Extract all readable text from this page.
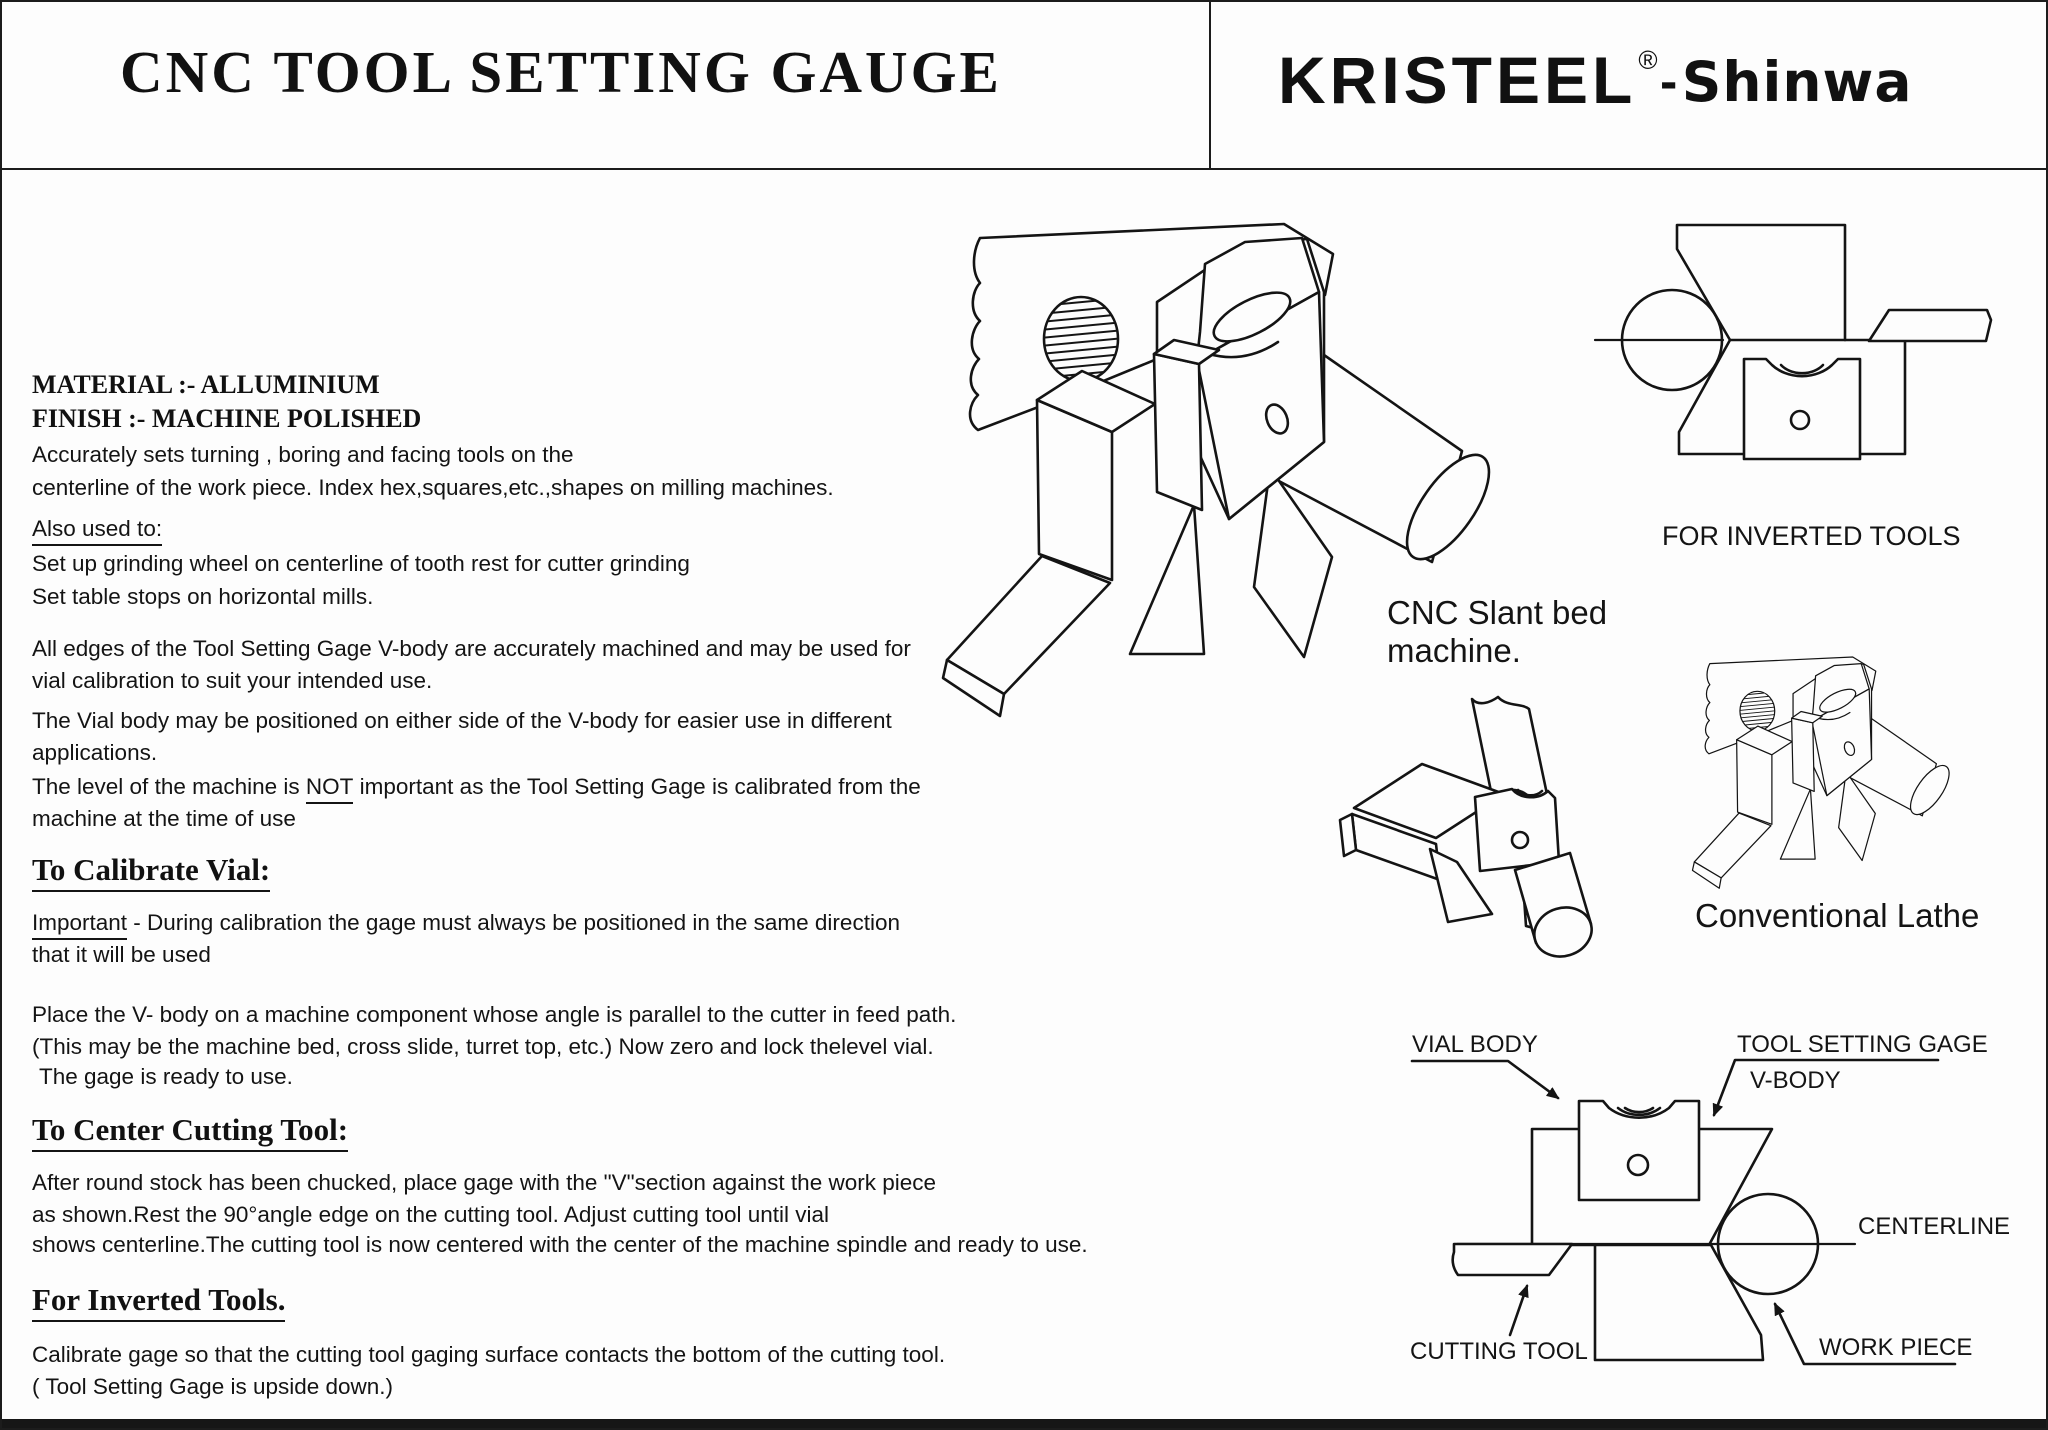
CNC TOOL SETTING GAUGE	KRISTEEL® - Shinwa
MATERIAL :- ALLUMINIUM
FINISH :- MACHINE POLISHED
Accurately sets turning , boring and facing tools on the
centerline of the work piece. Index hex,squares,etc.,shapes on milling machines.
Also used to:
Set up grinding wheel on centerline of tooth rest for cutter grinding
Set table stops on horizontal mills.
All edges of the Tool Setting Gage V-body are accurately machined and may be used for
vial calibration to suit your intended use.
The Vial body may be positioned on either side of the V-body for easier use in different
applications.
The level of the machine is NOT important as the Tool Setting Gage is calibrated from the
machine at the time of use
To Calibrate Vial:
Important - During calibration the gage must always be positioned in the same direction
that it will be used
Place the V- body on a machine component whose angle is parallel to the cutter in feed path.
(This may be the machine bed, cross slide, turret top, etc.) Now zero and lock thelevel vial.
The gage is ready to use.
To Center Cutting Tool:
After round stock has been chucked, place gage with the "V"section against the work piece
as shown.Rest the 90°angle edge on the cutting tool. Adjust cutting tool until vial
shows centerline.The cutting tool is now centered with the center of the machine spindle and ready to use.
For Inverted Tools.
Calibrate gage so that the cutting tool gaging surface contacts the bottom of the cutting tool.
( Tool Setting Gage is upside down.)
CNC Slant bed
machine.
FOR INVERTED TOOLS
Conventional Lathe
VIAL BODY	TOOL SETTING GAGE
V-BODY
CENTERLINE
CUTTING TOOL	WORK PIECE
